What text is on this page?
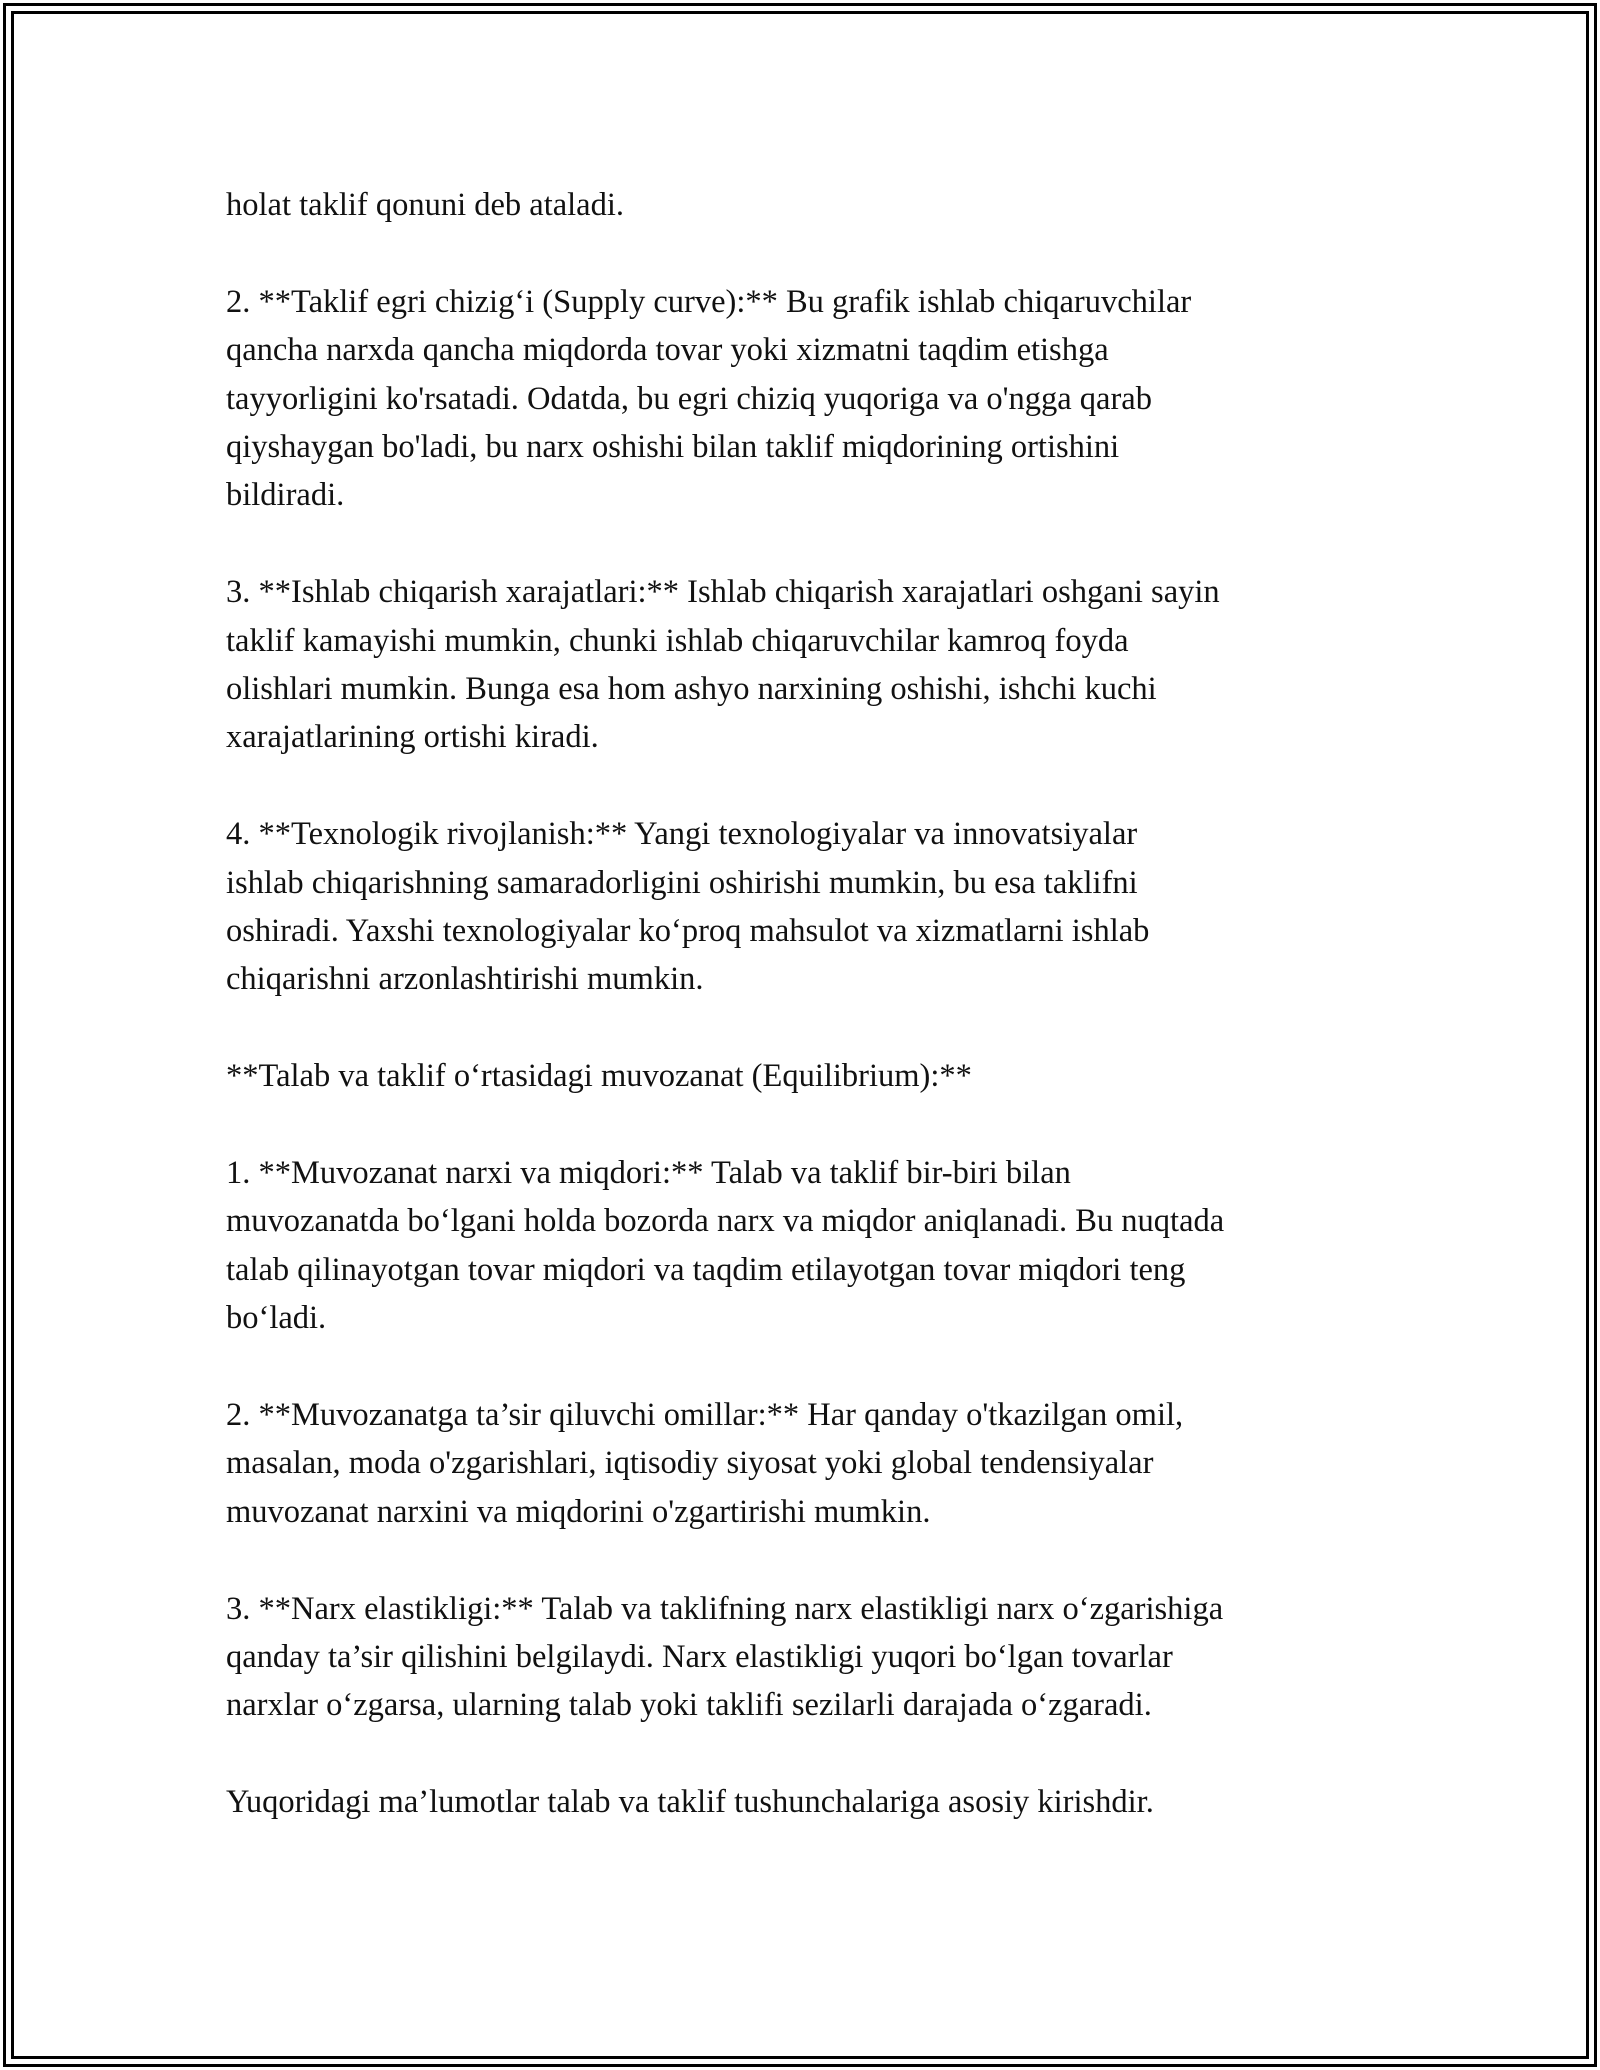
holat taklif qonuni deb ataladi.

2. **Taklif egri chizig‘i (Supply curve):** Bu grafik ishlab chiqaruvchilar
qancha narxda qancha miqdorda tovar yoki xizmatni taqdim etishga
tayyorligini ko'rsatadi. Odatda, bu egri chiziq yuqoriga va o'ngga qarab
qiyshaygan bo'ladi, bu narx oshishi bilan taklif miqdorining ortishini
bildiradi.

3. **Ishlab chiqarish xarajatlari:** Ishlab chiqarish xarajatlari oshgani sayin
taklif kamayishi mumkin, chunki ishlab chiqaruvchilar kamroq foyda
olishlari mumkin. Bunga esa hom ashyo narxining oshishi, ishchi kuchi
xarajatlarining ortishi kiradi.

4. **Texnologik rivojlanish:** Yangi texnologiyalar va innovatsiyalar
ishlab chiqarishning samaradorligini oshirishi mumkin, bu esa taklifni
oshiradi. Yaxshi texnologiyalar ko‘proq mahsulot va xizmatlarni ishlab
chiqarishni arzonlashtirishi mumkin.

**Talab va taklif o‘rtasidagi muvozanat (Equilibrium):**

1. **Muvozanat narxi va miqdori:** Talab va taklif bir-biri bilan
muvozanatda bo‘lgani holda bozorda narx va miqdor aniqlanadi. Bu nuqtada
talab qilinayotgan tovar miqdori va taqdim etilayotgan tovar miqdori teng
bo‘ladi.

2. **Muvozanatga ta’sir qiluvchi omillar:** Har qanday o'tkazilgan omil,
masalan, moda o'zgarishlari, iqtisodiy siyosat yoki global tendensiyalar
muvozanat narxini va miqdorini o'zgartirishi mumkin.

3. **Narx elastikligi:** Talab va taklifning narx elastikligi narx o‘zgarishiga
qanday ta’sir qilishini belgilaydi. Narx elastikligi yuqori bo‘lgan tovarlar
narxlar o‘zgarsa, ularning talab yoki taklifi sezilarli darajada o‘zgaradi.

Yuqoridagi ma’lumotlar talab va taklif tushunchalariga asosiy kirishdir.
